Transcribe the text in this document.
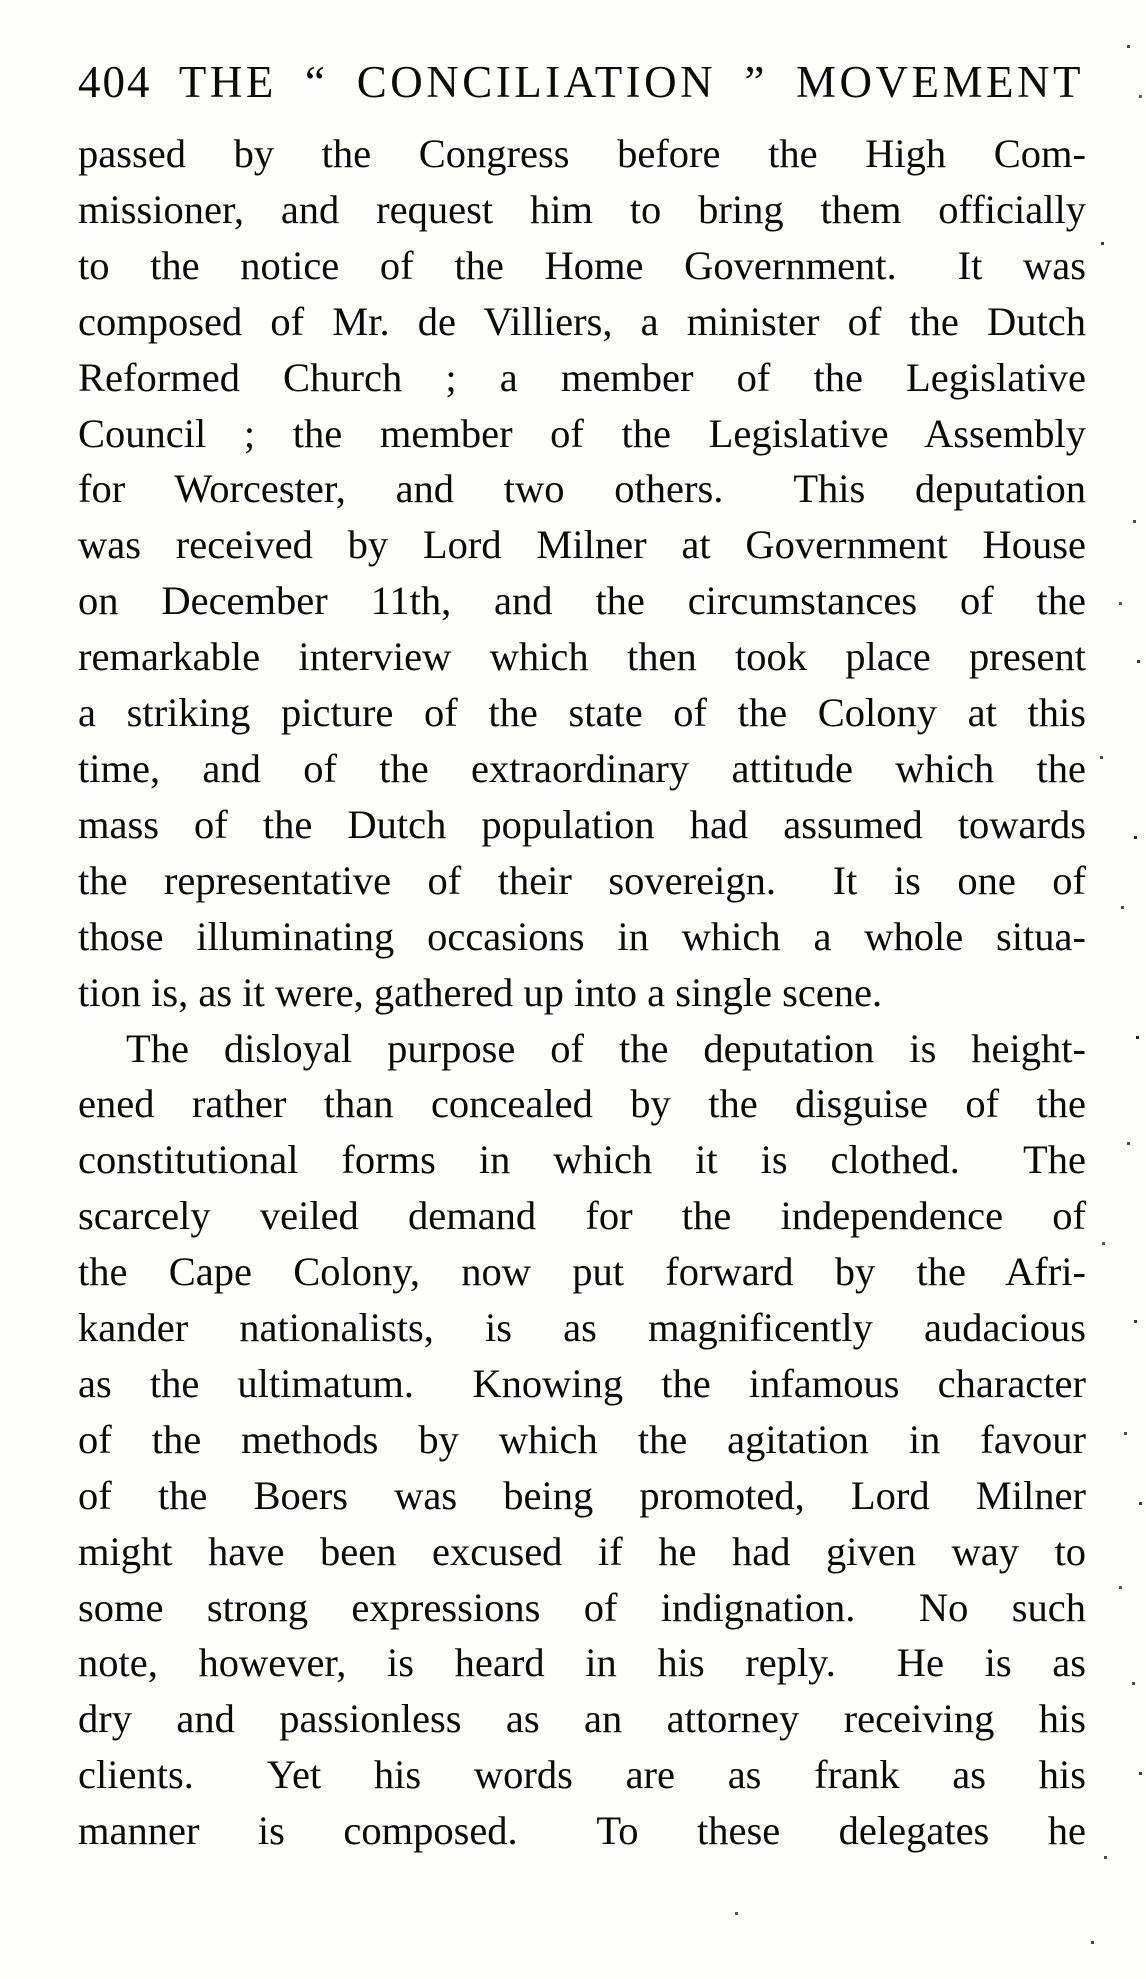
404 THE “ CONCILIATION ” MOVEMENT
passed by the Congress before the High Com-
missioner, and request him to bring them officially
to the notice of the Home Government.  It was
composed of Mr. de Villiers, a minister of the Dutch
Reformed Church ; a member of the Legislative
Council ; the member of the Legislative Assembly
for Worcester, and two others.  This deputation
was received by Lord Milner at Government House
on December 11th, and the circumstances of the
remarkable interview which then took place present
a striking picture of the state of the Colony at this
time, and of the extraordinary attitude which the
mass of the Dutch population had assumed towards
the representative of their sovereign.  It is one of
those illuminating occasions in which a whole situa-
tion is, as it were, gathered up into a single scene.
The disloyal purpose of the deputation is height-
ened rather than concealed by the disguise of the
constitutional forms in which it is clothed.  The
scarcely veiled demand for the independence of
the Cape Colony, now put forward by the Afri-
kander nationalists, is as magnificently audacious
as the ultimatum.  Knowing the infamous character
of the methods by which the agitation in favour
of the Boers was being promoted, Lord Milner
might have been excused if he had given way to
some strong expressions of indignation.  No such
note, however, is heard in his reply.  He is as
dry and passionless as an attorney receiving his
clients.  Yet his words are as frank as his
manner is composed.  To these delegates he
